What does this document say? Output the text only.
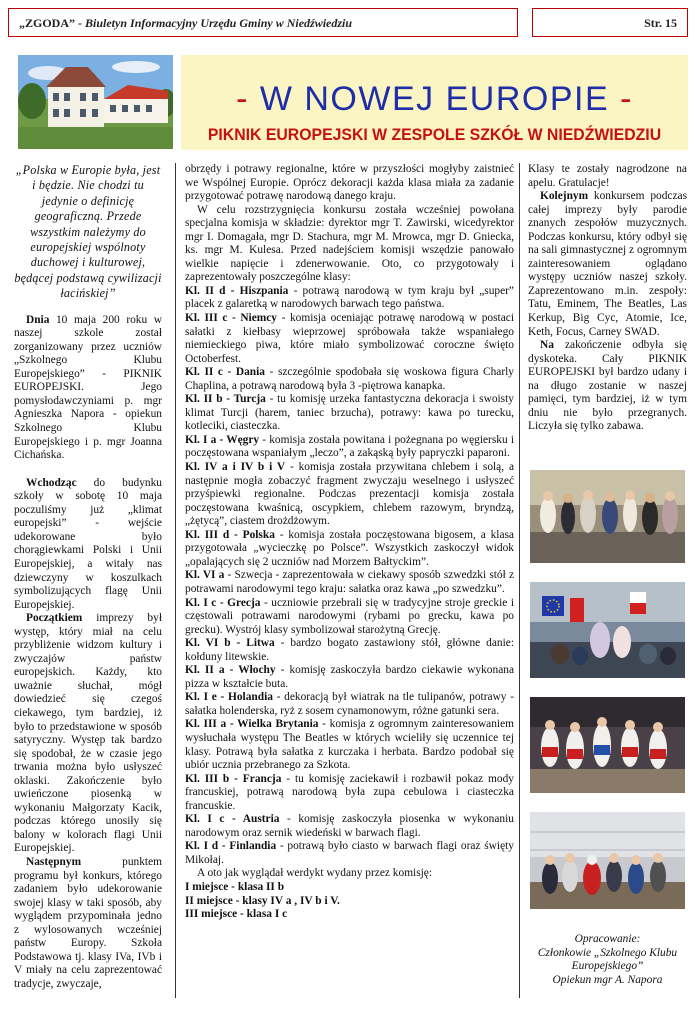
„ZGODA” - Biuletyn Informacyjny Urzędu Gminy w Niedźwiedziu	Str. 15
- W NOWEJ EUROPIE -
PIKNIK EUROPEJSKI W ZESPOLE SZKÓŁ W NIEDŹWIEDZIU

„Polska w Europie była, jest i będzie. Nie chodzi tu jedynie o definicję geograficzną. Przede wszystkim należymy do europejskiej wspólnoty duchowej i kulturowej, będącej podstawą cywilizacji łacińskiej”

Dnia 10 maja 200 roku w naszej szkole został zorganizowany przez uczniów „Szkolnego Klubu Europejskiego” - PIKNIK EUROPEJSKI. Jego pomysłodawczyniami p. mgr Agnieszka Napora - opiekun Szkolnego Klubu Europejskiego i p. mgr Joanna Cichańska.

Wchodząc do budynku szkoły w sobotę 10 maja poczuliśmy już „klimat europejski” - wejście udekorowane było chorągiewkami Polski i Unii Europejskiej, a witały nas dziewczyny w koszulkach symbolizujących flagę Unii Europejskiej.

Początkiem imprezy był występ, który miał na celu przybliżenie widzom kultury i zwyczajów państw europejskich. Każdy, kto uważnie słuchał, mógł dowiedzieć się czegoś ciekawego, tym bardziej, iż było to przedstawione w sposób satyryczny. Występ tak bardzo się spodobał, że w czasie jego trwania można było usłyszeć oklaski. Zakończenie było uwieńczone piosenką w wykonaniu Małgorzaty Kacik, podczas którego unosiły się balony w kolorach flagi Unii Europejskiej.

Następnym punktem programu był konkurs, którego zadaniem było udekorowanie swojej klasy w taki sposób, aby wyglądem przypominała jedno z wylosowanych wcześniej państw Europy. Szkoła Podstawowa tj. klasy IVa, IVb i V miały na celu zaprezentować tradycje, zwyczaje,

obrzędy i potrawy regionalne, które w przyszłości mogłyby zaistnieć we Wspólnej Europie. Oprócz dekoracji każda klasa miała za zadanie przygotować potrawę narodową danego kraju.

W celu rozstrzygnięcia konkursu została wcześniej powołana specjalna komisja w składzie: dyrektor mgr T. Zawirski, wicedyrektor mgr I. Domagała, mgr D. Stachura, mgr M. Mrowca, mgr D. Gniecka, ks. mgr M. Kulesa. Przed nadejściem komisji wszędzie panowało wielkie napięcie i zdenerwowanie. Oto, co przygotowały i zaprezentowały poszczególne klasy:

Kl. II d - Hiszpania - potrawą narodową w tym kraju był „super” placek z galaretką w narodowych barwach tego państwa.

Kl. III c - Niemcy - komisja oceniając potrawę narodową w postaci sałatki z kiełbasy wieprzowej spróbowała także wspaniałego niemieckiego piwa, które miało symbolizować coroczne święto Octoberfest.

Kl. II c - Dania - szczególnie spodobała się woskowa figura Charly Chaplina, a potrawą narodową była 3 -piętrowa kanapka.

Kl. II b - Turcja - tu komisję urzeka fantastyczna dekoracja i swoisty klimat Turcji (harem, taniec brzucha), potrawy: kawa po turecku, kotleciki, ciasteczka.

Kl. I a - Węgry - komisja została powitana i pożegnana po węgiersku i poczęstowana wspaniałym „leczo”, a zakąską były papryczki paparoni.

Kl. IV a i IV b i V - komisja została przywitana chlebem i solą, a następnie mogła zobaczyć fragment zwyczaju weselnego i usłyszeć przyśpiewki regionalne. Podczas prezentacji komisja została poczęstowana kwaśnicą, oscypkiem, chlebem razowym, bryndzą, „żętycą”, ciastem drożdżowym.

Kl. III d - Polska - komisja została poczęstowana bigosem, a klasa przygotowała „wycieczkę po Polsce”. Wszystkich zaskoczył widok „opalających się 2 uczniów nad Morzem Bałtyckim”.

Kl. VI a - Szwecja - zaprezentowała w ciekawy sposób szwedzki stół z potrawami narodowymi tego kraju: sałatka oraz kawa „po szwedzku”.

Kl. I c - Grecja - uczniowie przebrali się w tradycyjne stroje greckie i częstowali potrawami narodowymi (rybami po grecku, kawa po grecku). Wystrój klasy symbolizował starożytną Grecję.

Kl. VI b - Litwa - bardzo bogato zastawiony stół, główne danie: kołduny litewskie.

Kl. II a - Włochy - komisję zaskoczyła bardzo ciekawie wykonana pizza w kształcie buta.

Kl. I e - Holandia - dekoracją był wiatrak na tle tulipanów, potrawy - sałatka holenderska, ryż z sosem cynamonowym, różne gatunki sera.

Kl. III a - Wielka Brytania - komisja z ogromnym zainteresowaniem wysłuchała występu The Beatles w których wcieliły się uczennice tej klasy. Potrawą była sałatka z kurczaka i herbata. Bardzo podobał się ubiór ucznia przebranego za Szkota.

Kl. III b - Francja - tu komisję zaciekawił i rozbawił pokaz mody francuskiej, potrawą narodową była zupa cebulowa i ciasteczka francuskie.

Kl. I c - Austria - komisję zaskoczyła piosenka w wykonaniu narodowym oraz sernik wiedeński w barwach flagi.

Kl. I d - Finlandia - potrawą było ciasto w barwach flagi oraz święty Mikołaj.

A oto jak wyglądał werdykt wydany przez komisję:

I miejsce - klasa II b

II miejsce - klasy IV a , IV b i V.

III miejsce - klasa I c

Klasy te zostały nagrodzone na apelu. Gratulacje!

Kolejnym konkursem podczas całej imprezy były parodie znanych zespołów muzycznych. Podczas konkursu, który odbył się na sali gimnastycznej z ogromnym zainteresowaniem oglądano występy uczniów naszej szkoły. Zaprezentowano m.in. zespoły: Tatu, Eminem, The Beatles, Las Kerkup, Big Cyc, Atomie, Ice, Keth, Focus, Carney SWAD.

Na zakończenie odbyła się dyskoteka. Cały PIKNIK EUROPEJSKI był bardzo udany i na długo zostanie w naszej pamięci, tym bardziej, iż w tym dniu nie było przegranych. Liczyła się tylko zabawa.

Opracowanie:
Członkowie „Szkolnego Klubu Europejskiego”
Opiekun mgr A. Napora
